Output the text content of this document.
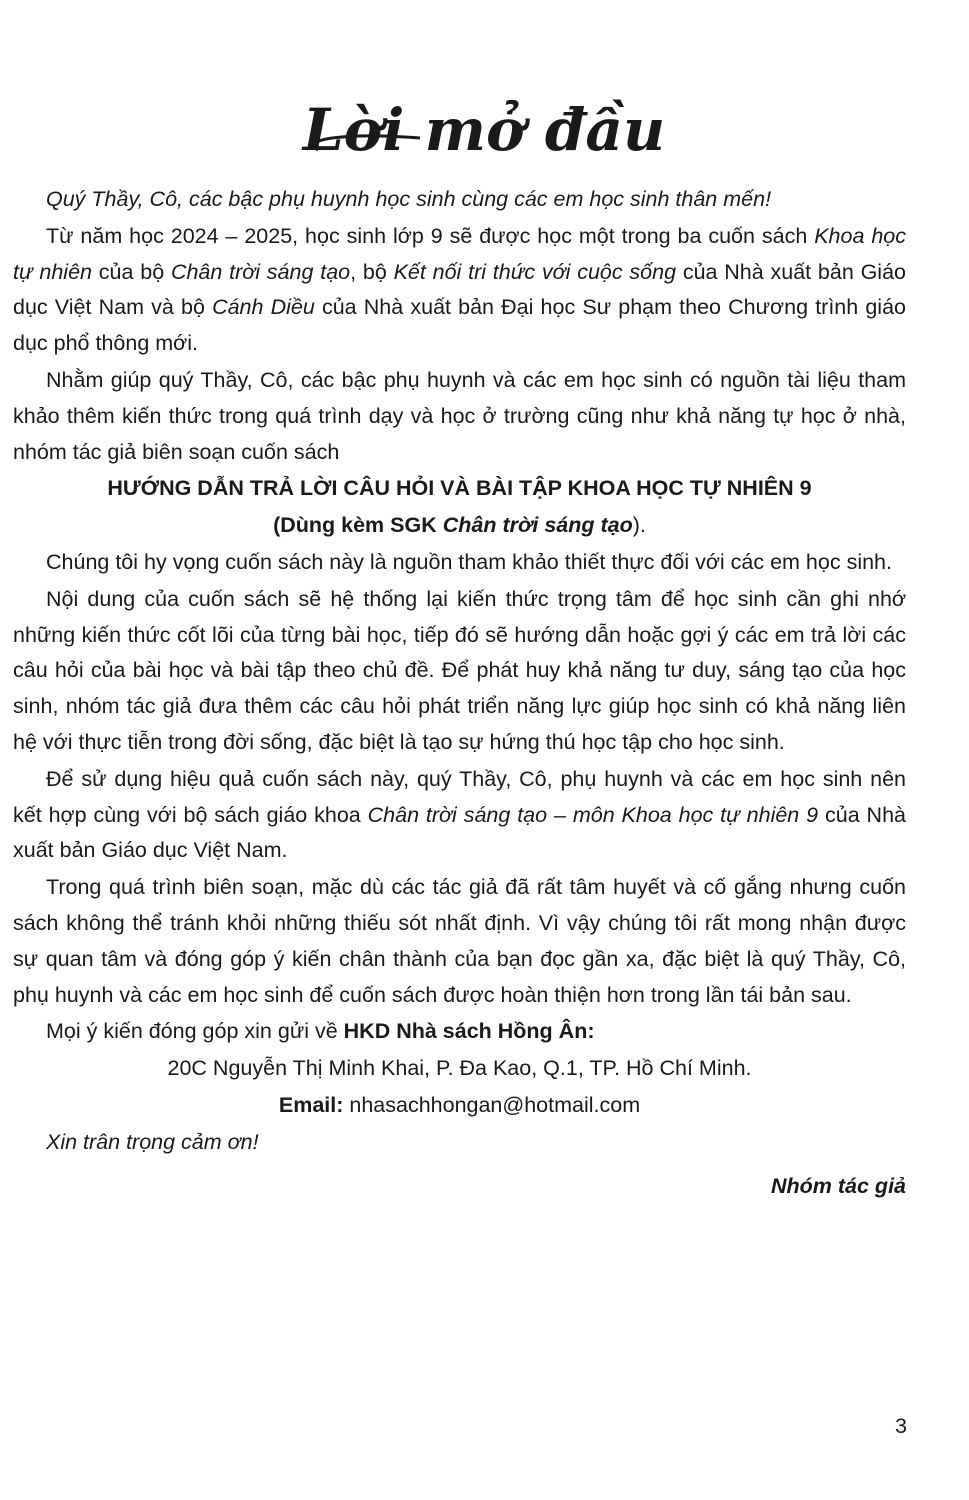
Lời mở đầu

Quý Thầy, Cô, các bậc phụ huynh học sinh cùng các em học sinh thân mến!

Từ năm học 2024 – 2025, học sinh lớp 9 sẽ được học một trong ba cuốn sách Khoa học tự nhiên của bộ Chân trời sáng tạo, bộ Kết nối tri thức với cuộc sống của Nhà xuất bản Giáo dục Việt Nam và bộ Cánh Diều của Nhà xuất bản Đại học Sư phạm theo Chương trình giáo dục phổ thông mới.

Nhằm giúp quý Thầy, Cô, các bậc phụ huynh và các em học sinh có nguồn tài liệu tham khảo thêm kiến thức trong quá trình dạy và học ở trường cũng như khả năng tự học ở nhà, nhóm tác giả biên soạn cuốn sách

HƯỚNG DẪN TRẢ LỜI CÂU HỎI VÀ BÀI TẬP KHOA HỌC TỰ NHIÊN 9

(Dùng kèm SGK Chân trời sáng tạo).

Chúng tôi hy vọng cuốn sách này là nguồn tham khảo thiết thực đối với các em học sinh.

Nội dung của cuốn sách sẽ hệ thống lại kiến thức trọng tâm để học sinh cần ghi nhớ những kiến thức cốt lõi của từng bài học, tiếp đó sẽ hướng dẫn hoặc gợi ý các em trả lời các câu hỏi của bài học và bài tập theo chủ đề. Để phát huy khả năng tư duy, sáng tạo của học sinh, nhóm tác giả đưa thêm các câu hỏi phát triển năng lực giúp học sinh có khả năng liên hệ với thực tiễn trong đời sống, đặc biệt là tạo sự hứng thú học tập cho học sinh.

Để sử dụng hiệu quả cuốn sách này, quý Thầy, Cô, phụ huynh và các em học sinh nên kết hợp cùng với bộ sách giáo khoa Chân trời sáng tạo – môn Khoa học tự nhiên 9 của Nhà xuất bản Giáo dục Việt Nam.

Trong quá trình biên soạn, mặc dù các tác giả đã rất tâm huyết và cố gắng nhưng cuốn sách không thể tránh khỏi những thiếu sót nhất định. Vì vậy chúng tôi rất mong nhận được sự quan tâm và đóng góp ý kiến chân thành của bạn đọc gần xa, đặc biệt là quý Thầy, Cô, phụ huynh và các em học sinh để cuốn sách được hoàn thiện hơn trong lần tái bản sau.

Mọi ý kiến đóng góp xin gửi về HKD Nhà sách Hồng Ân:

20C Nguyễn Thị Minh Khai, P. Đa Kao, Q.1, TP. Hồ Chí Minh.

Email: nhasachhongan@hotmail.com

Xin trân trọng cảm ơn!

Nhóm tác giả

3
